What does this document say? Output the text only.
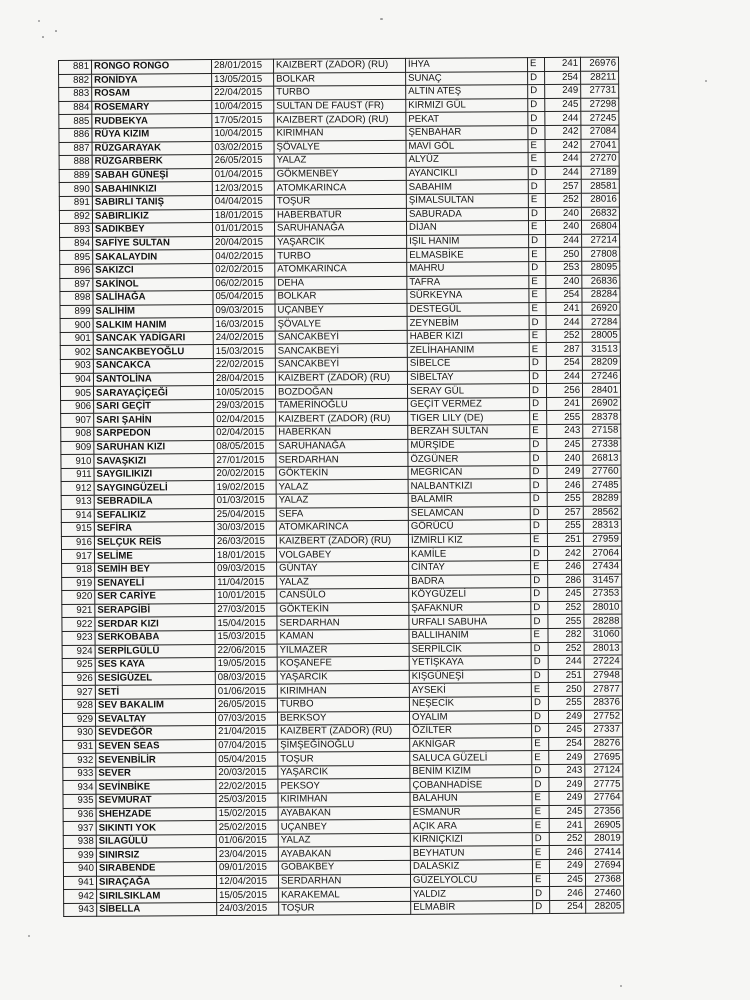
881	RONGO RONGO	28/01/2015	KAIZBERT (ZADOR) (RU)	İHYA	E	241	26976
882	RONİDYA	13/05/2015	BOLKAR	SUNAÇ	D	254	28211
883	ROSAM	22/04/2015	TURBO	ALTIN ATEŞ	D	249	27731
884	ROSEMARY	10/04/2015	SULTAN DE FAUST (FR)	KIRMIZI GÜL	D	245	27298
885	RUDBEKYA	17/05/2015	KAIZBERT (ZADOR) (RU)	PEKAT	D	244	27245
886	RÜYA KIZIM	10/04/2015	KIRIMHAN	ŞENBAHAR	D	242	27084
887	RÜZGARAYAK	03/02/2015	ŞÖVALYE	MAVİ GÖL	E	242	27041
888	RÜZGARBERK	26/05/2015	YALAZ	ALYÜZ	E	244	27270
889	SABAH GÜNEŞİ	01/04/2015	GÖKMENBEY	AYANCIKLI	D	244	27189
890	SABAHINKIZI	12/03/2015	ATOMKARINCA	SABAHIM	D	257	28581
891	SABIRLI TANIŞ	04/04/2015	TOŞUR	ŞİMALSULTAN	E	252	28016
892	SABIRLIKIZ	18/01/2015	HABERBATUR	SABURADA	D	240	26832
893	SADIKBEY	01/01/2015	SARUHANAĞA	DİJAN	E	240	26804
894	SAFİYE SULTAN	20/04/2015	YAŞARCIK	IŞIL HANIM	D	244	27214
895	SAKALAYDIN	04/02/2015	TURBO	ELMASBİKE	E	250	27808
896	SAKIZCI	02/02/2015	ATOMKARINCA	MAHRU	D	253	28095
897	SAKİNOL	06/02/2015	DEHA	TAFRA	E	240	26836
898	SALİHAĞA	05/04/2015	BOLKAR	SÜRKEYNA	E	254	28284
899	SALİHİM	09/03/2015	UÇANBEY	DESTEGÜL	E	241	26920
900	SALKIM HANIM	16/03/2015	ŞÖVALYE	ZEYNEBİM	D	244	27284
901	SANCAK YADİGARI	24/02/2015	SANCAKBEYİ	HABER KIZI	E	252	28005
902	SANCAKBEYOĞLU	15/03/2015	SANCAKBEYİ	ZELİHAHANIM	E	287	31513
903	SANCAKCA	22/02/2015	SANCAKBEYİ	SİBELCE	D	254	28209
904	SANTOLİNA	28/04/2015	KAIZBERT (ZADOR) (RU)	SİBELTAY	D	244	27246
905	SARAYAÇİÇEĞİ	10/05/2015	BOZDOĞAN	SERAY GÜL	D	256	28401
906	SARI GEÇİT	29/03/2015	TAMERİNOĞLU	GEÇİT VERMEZ	D	241	26902
907	SARI ŞAHİN	02/04/2015	KAIZBERT (ZADOR) (RU)	TIGER LILY (DE)	E	255	28378
908	SARPEDON	02/04/2015	HABERKAN	BERZAH SULTAN	E	243	27158
909	SARUHAN KIZI	08/05/2015	SARUHANAĞA	MÜRŞİDE	D	245	27338
910	SAVAŞKIZI	27/01/2015	SERDARHAN	ÖZGÜNER	D	240	26813
911	SAYGILIKIZI	20/02/2015	GÖKTEKİN	MEGRİCAN	D	249	27760
912	SAYGINGÜZELİ	19/02/2015	YALAZ	NALBANTKIZI	D	246	27485
913	SEBRADILA	01/03/2015	YALAZ	BALAMİR	D	255	28289
914	SEFALIKIZ	25/04/2015	SEFA	SELAMCAN	D	257	28562
915	SEFİRA	30/03/2015	ATOMKARINCA	GÖRÜCÜ	D	255	28313
916	SELÇUK REİS	26/03/2015	KAIZBERT (ZADOR) (RU)	İZMİRLİ KIZ	E	251	27959
917	SELİME	18/01/2015	VOLGABEY	KAMİLE	D	242	27064
918	SEMİH BEY	09/03/2015	GÜNTAY	CİNTAY	E	246	27434
919	SENAYELİ	11/04/2015	YALAZ	BADRA	D	286	31457
920	SER CARİYE	10/01/2015	CANSÜLO	KÖYGÜZELİ	D	245	27353
921	SERAPGİBİ	27/03/2015	GÖKTEKİN	ŞAFAKNUR	D	252	28010
922	SERDAR KIZI	15/04/2015	SERDARHAN	URFALI SABUHA	D	255	28288
923	SERKOBABA	15/03/2015	KAMAN	BALLIHANIM	E	282	31060
924	SERPİLGÜLÜ	22/06/2015	YILMAZER	SERPİLCİK	D	252	28013
925	SES KAYA	19/05/2015	KOŞANEFE	YETİŞKAYA	D	244	27224
926	SESİGÜZEL	08/03/2015	YAŞARCIK	KIŞGÜNEŞİ	D	251	27948
927	SETİ	01/06/2015	KIRIMHAN	AYSEKİ	E	250	27877
928	SEV BAKALIM	26/05/2015	TURBO	NEŞECİK	D	255	28376
929	SEVALTAY	07/03/2015	BERKSOY	OYALIM	D	249	27752
930	SEVDEĞÖR	21/04/2015	KAIZBERT (ZADOR) (RU)	ÖZİLTER	D	245	27337
931	SEVEN SEAS	07/04/2015	ŞİMŞEĞİNOĞLU	AKNİGAR	E	254	28276
932	SEVENBİLİR	05/04/2015	TOŞUR	SALUCA GÜZELİ	E	249	27695
933	SEVER	20/03/2015	YAŞARCIK	BENİM KIZIM	D	243	27124
934	SEVİNBİKE	22/02/2015	PEKSOY	ÇOBANHADİSE	D	249	27775
935	SEVMURAT	25/03/2015	KIRIMHAN	BALAHUN	E	249	27764
936	SHEHZADE	15/02/2015	AYABAKAN	ESMANUR	E	245	27356
937	SIKINTI YOK	25/02/2015	UÇANBEY	AÇIK ARA	E	241	26905
938	SILAGÜLÜ	01/06/2015	YALAZ	KIRNIÇKIZI	D	252	28019
939	SINIRSIZ	23/04/2015	AYABAKAN	BEYHATUN	E	246	27414
940	SIRABENDE	09/01/2015	GOBAKBEY	DALASKIZ	E	249	27694
941	SIRAÇAĞA	12/04/2015	SERDARHAN	GÜZELYOLCU	E	245	27368
942	SIRILSIKLAM	15/05/2015	KARAKEMAL	YALDIZ	D	246	27460
943	SİBELLA	24/03/2015	TOŞUR	ELMABİR	D	254	28205
